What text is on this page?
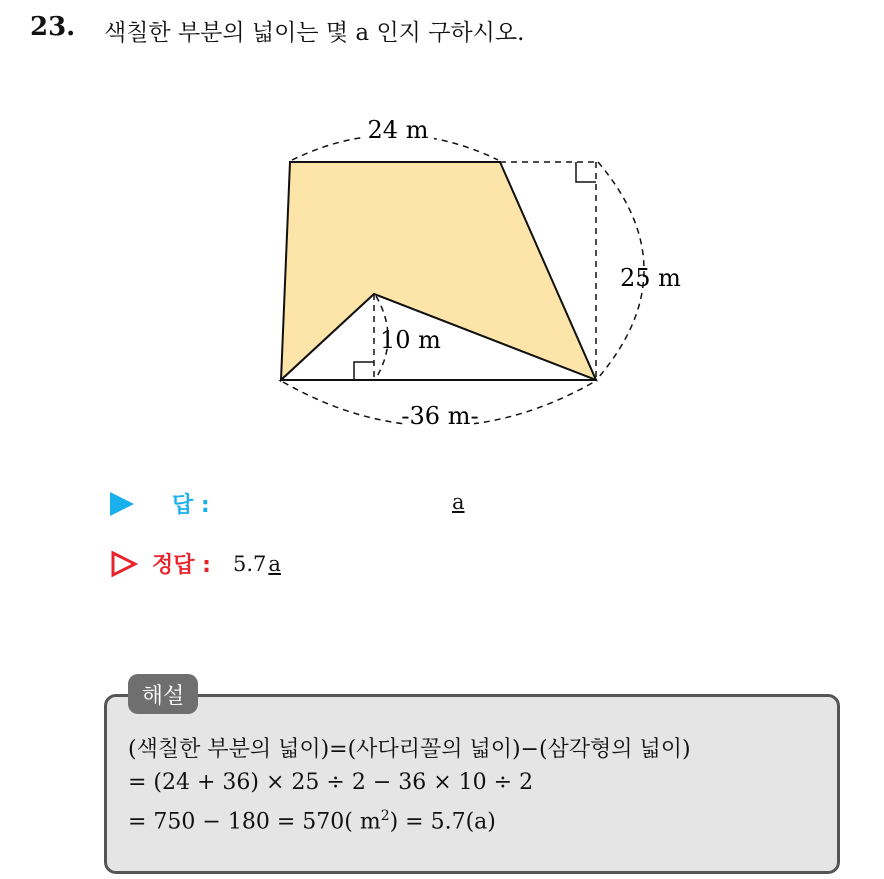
23. 색칠한 부분의 넓이는 몇 a 인지 구하시오.
24 m
25 m
10 m
-36 m-
답 :	a
정답 : 5.7 a
해설
(색칠한 부분의 넓이)=(사다리꼴의 넓이)−(삼각형의 넓이)
= (24 + 36) × 25 ÷ 2 − 36 × 10 ÷ 2
= 750 − 180 = 570( $m^2) = 5.7(a)$
